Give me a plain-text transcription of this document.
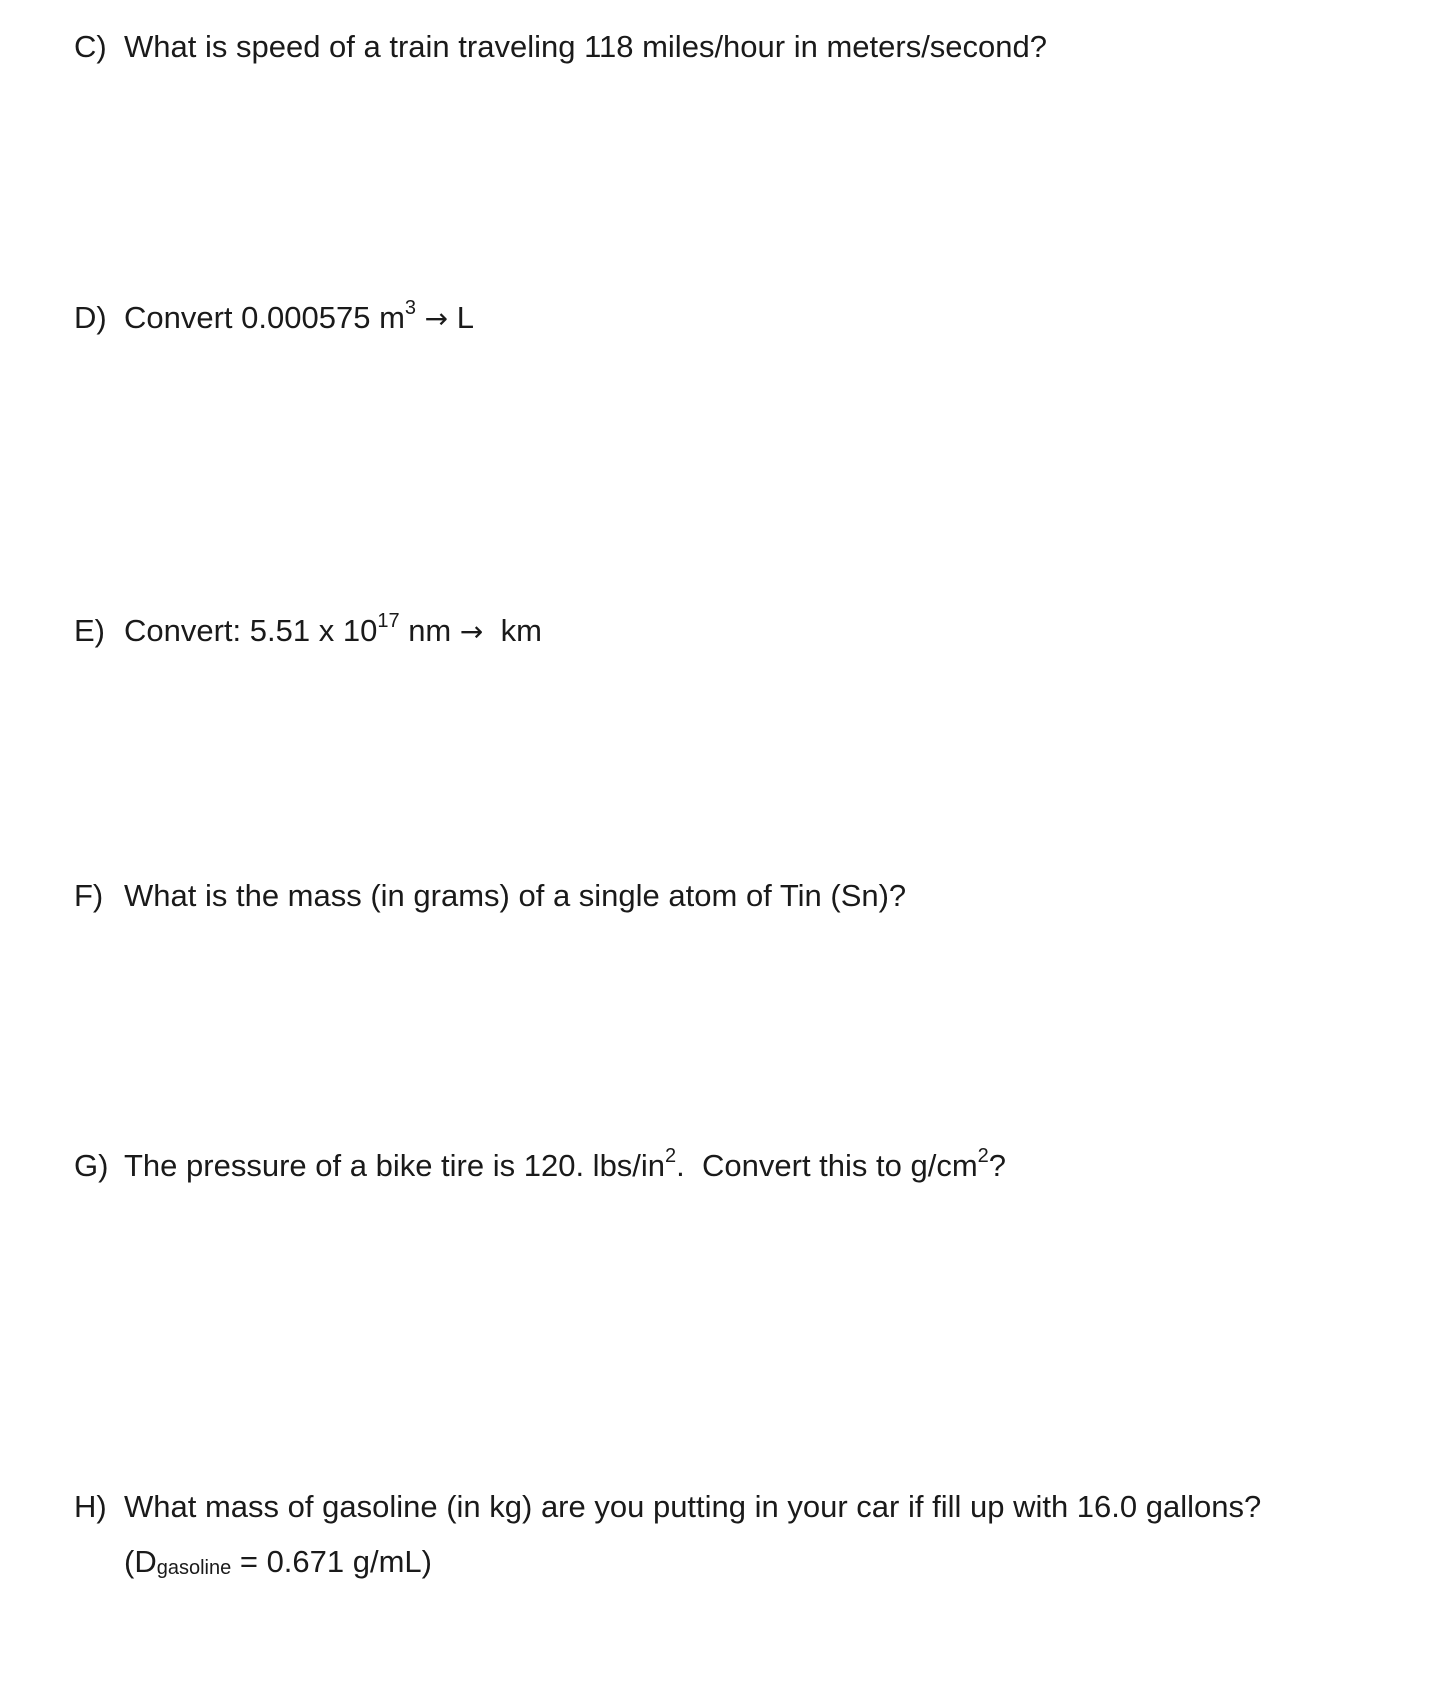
C) What is speed of a train traveling 118 miles/hour in meters/second?
D) Convert 0.000575 $m^3 \to L$
E) Convert: 5.51 x $10^{17}$ nm → km
F) What is the mass (in grams) of a single atom of Tin (Sn)?
G) The pressure of a bike tire is 120. lbs/$in^2$.  Convert this to $g/cm^2$?
H) What mass of gasoline (in kg) are you putting in your car if fill up with 16.0 gallons?
($D_{gasoline} = 0.671$ g/mL)
